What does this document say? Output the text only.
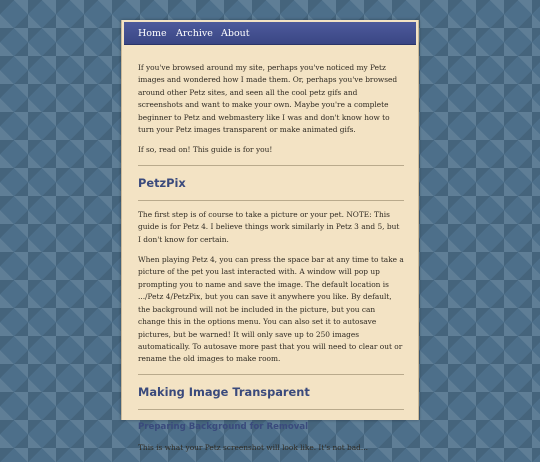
Home Archive About

If you've browsed around my site, perhaps you've noticed my Petz images and wondered how I made them. Or, perhaps you've browsed around other Petz sites, and seen all the cool petz gifs and screenshots and want to make your own. Maybe you're a complete beginner to Petz and webmastery like I was and don't know how to turn your Petz images transparent or make animated gifs.

If so, read on! This guide is for you!

PetzPix

The first step is of course to take a picture or your pet. NOTE: This guide is for Petz 4. I believe things work similarly in Petz 3 and 5, but I don't know for certain.

When playing Petz 4, you can press the space bar at any time to take a picture of the pet you last interacted with. A window will pop up prompting you to name and save the image. The default location is .../Petz 4/PetzPix, but you can save it anywhere you like. By default, the background will not be included in the picture, but you can change this in the options menu. You can also set it to autosave pictures, but be warned! It will only save up to 250 images automatically. To autosave more past that you will need to clear out or rename the old images to make room.

Making Image Transparent
Preparing Background for Removal

This is what your Petz screenshot will look like. It's not bad...
